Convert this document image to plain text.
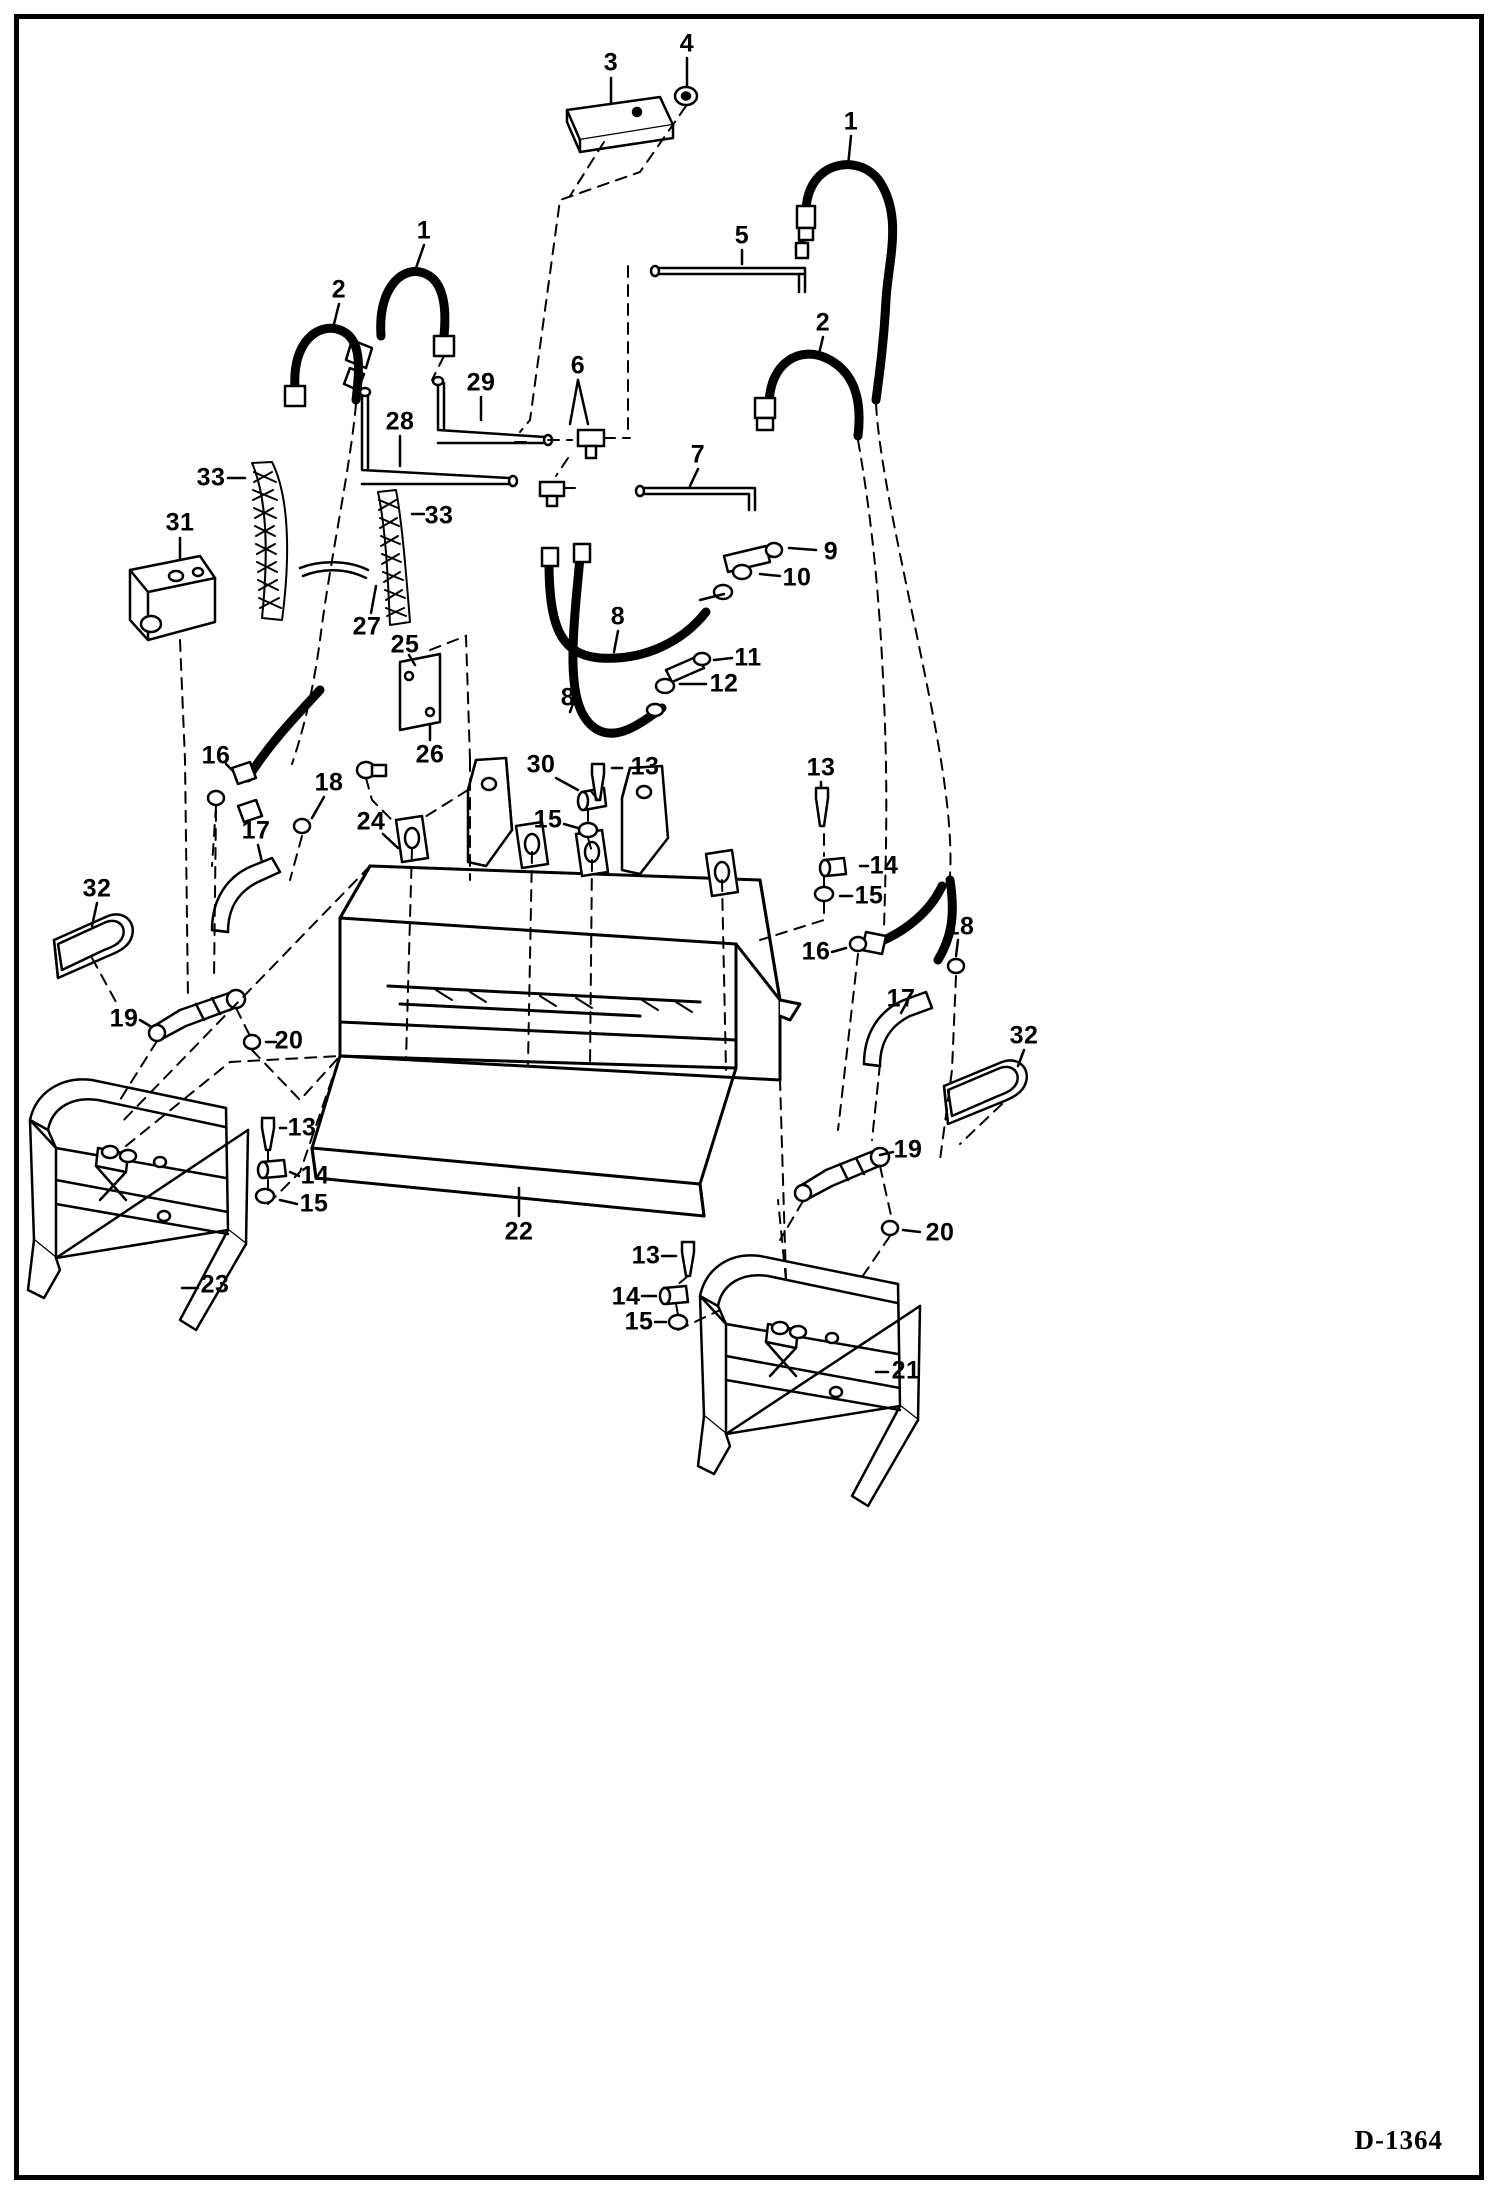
4
3
1
1	5
2
2
29
6
28
7
33
33
31
9
10
8
27
25	11
12
8
26
16	30	13	13
18
15
24
17
14
32	15
18
16
17
19
32
20
13
19
14
15
22	20
13
23	14
15
21
D-1364
